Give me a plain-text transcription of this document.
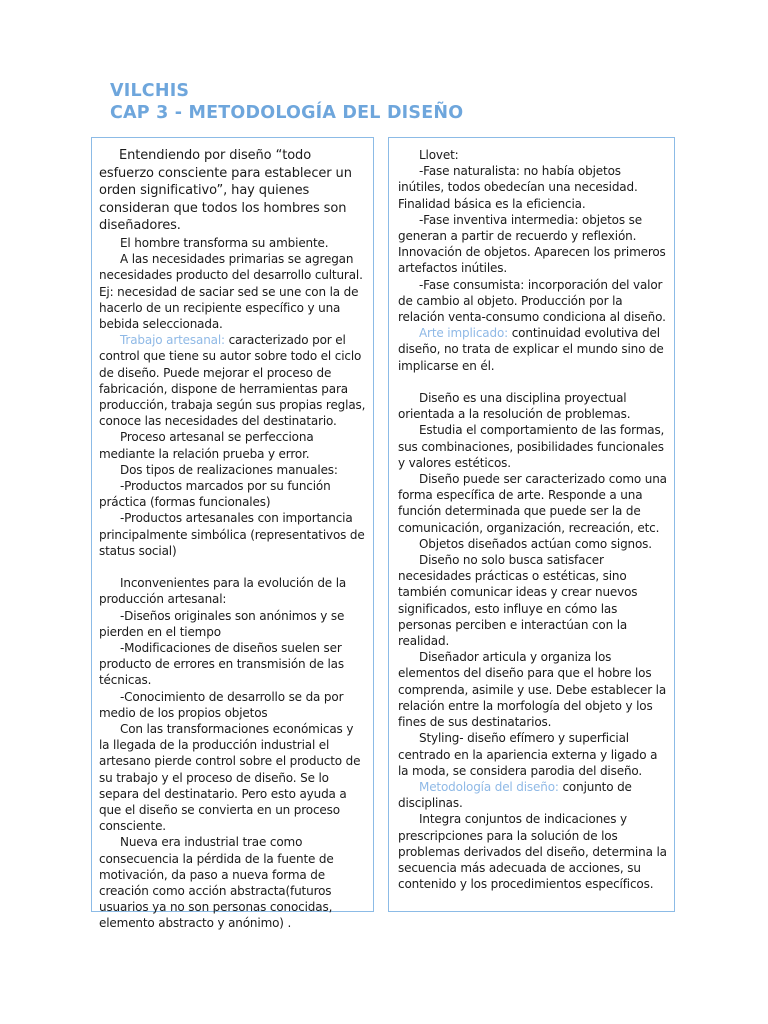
VILCHIS
CAP 3 - METODOLOGÍA DEL DISEÑO

Entendiendo por diseño “todo esfuerzo consciente para establecer un orden significativo”, hay quienes consideran que todos los hombres son diseñadores.

El hombre transforma su ambiente.

A las necesidades primarias se agregan necesidades producto del desarrollo cultural. Ej: necesidad de saciar sed se une con la de hacerlo de un recipiente específico y una bebida seleccionada.

Trabajo artesanal: caracterizado por el control que tiene su autor sobre todo el ciclo de diseño. Puede mejorar el proceso de fabricación, dispone de herramientas para producción, trabaja según sus propias reglas, conoce las necesidades del destinatario.

Proceso artesanal se perfecciona mediante la relación prueba y error.

Dos tipos de realizaciones manuales:

-Productos marcados por su función práctica (formas funcionales)

-Productos artesanales con importancia principalmente simbólica (representativos de status social)

Inconvenientes para la evolución de la producción artesanal:

-Diseños originales son anónimos y se pierden en el tiempo

-Modificaciones de diseños suelen ser producto de errores en transmisión de las técnicas.

-Conocimiento de desarrollo se da por medio de los propios objetos

Con las transformaciones económicas y la llegada de la producción industrial el artesano pierde control sobre el producto de su trabajo y el proceso de diseño. Se lo separa del destinatario. Pero esto ayuda a que el diseño se convierta en un proceso consciente.

Nueva era industrial trae como consecuencia la pérdida de la fuente de motivación, da paso a nueva forma de creación como acción abstracta(futuros usuarios ya no son personas conocidas, elemento abstracto y anónimo) .

Llovet:

-Fase naturalista: no había objetos inútiles, todos obedecían una necesidad. Finalidad básica es la eficiencia.

-Fase inventiva intermedia: objetos se generan a partir de recuerdo y reflexión. Innovación de objetos. Aparecen los primeros artefactos inútiles.

-Fase consumista: incorporación del valor de cambio al objeto. Producción por la relación venta-consumo condiciona al diseño.

Arte implicado: continuidad evolutiva del diseño, no trata de explicar el mundo sino de implicarse en él.

Diseño es una disciplina proyectual orientada a la resolución de problemas.

Estudia el comportamiento de las formas, sus combinaciones, posibilidades funcionales y valores estéticos.

Diseño puede ser caracterizado como una forma específica de arte. Responde a una función determinada que puede ser la de comunicación, organización, recreación, etc.

Objetos diseñados actúan como signos.

Diseño no solo busca satisfacer necesidades prácticas o estéticas, sino también comunicar ideas y crear nuevos significados, esto influye en cómo las personas perciben e interactúan con la realidad.

Diseñador articula y organiza los elementos del diseño para que el hobre los comprenda, asimile y use. Debe establecer la relación entre la morfología del objeto y los fines de sus destinatarios.

Styling- diseño efímero y superficial centrado en la apariencia externa y ligado a la moda, se considera parodia del diseño.

Metodología del diseño: conjunto de disciplinas.

Integra conjuntos de indicaciones y prescripciones para la solución de los problemas derivados del diseño, determina la secuencia más adecuada de acciones, su contenido y los procedimientos específicos.
